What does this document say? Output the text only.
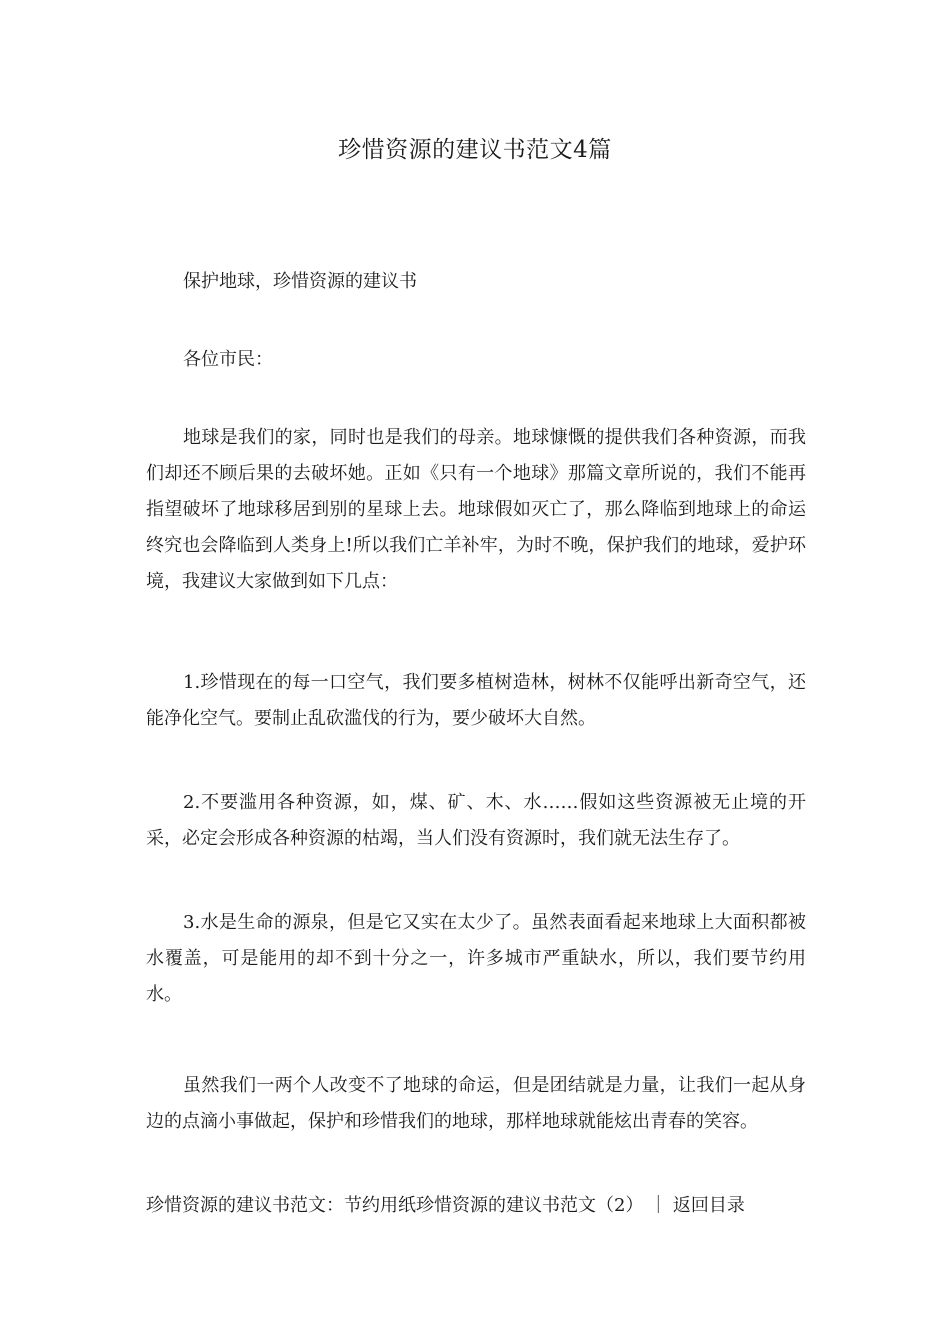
珍惜资源的建议书范文4篇

保护地球，珍惜资源的建议书

各位市民：

地球是我们的家，同时也是我们的母亲。地球慷慨的提供我们各种资源，而我们却还不顾后果的去破坏她。正如《只有一个地球》那篇文章所说的，我们不能再指望破坏了地球移居到别的星球上去。地球假如灭亡了，那么降临到地球上的命运终究也会降临到人类身上!所以我们亡羊补牢，为时不晚，保护我们的地球，爱护环境，我建议大家做到如下几点：

1.珍惜现在的每一口空气，我们要多植树造林，树林不仅能呼出新奇空气，还能净化空气。要制止乱砍滥伐的行为，要少破坏大自然。

2.不要滥用各种资源，如，煤、矿、木、水……假如这些资源被无止境的开采，必定会形成各种资源的枯竭，当人们没有资源时，我们就无法生存了。

3.水是生命的源泉，但是它又实在太少了。虽然表面看起来地球上大面积都被水覆盖，可是能用的却不到十分之一，许多城市严重缺水，所以，我们要节约用水。

虽然我们一两个人改变不了地球的命运，但是团结就是力量，让我们一起从身边的点滴小事做起，保护和珍惜我们的地球，那样地球就能炫出青春的笑容。

珍惜资源的建议书范文：节约用纸珍惜资源的建议书范文（2） ｜ 返回目录
